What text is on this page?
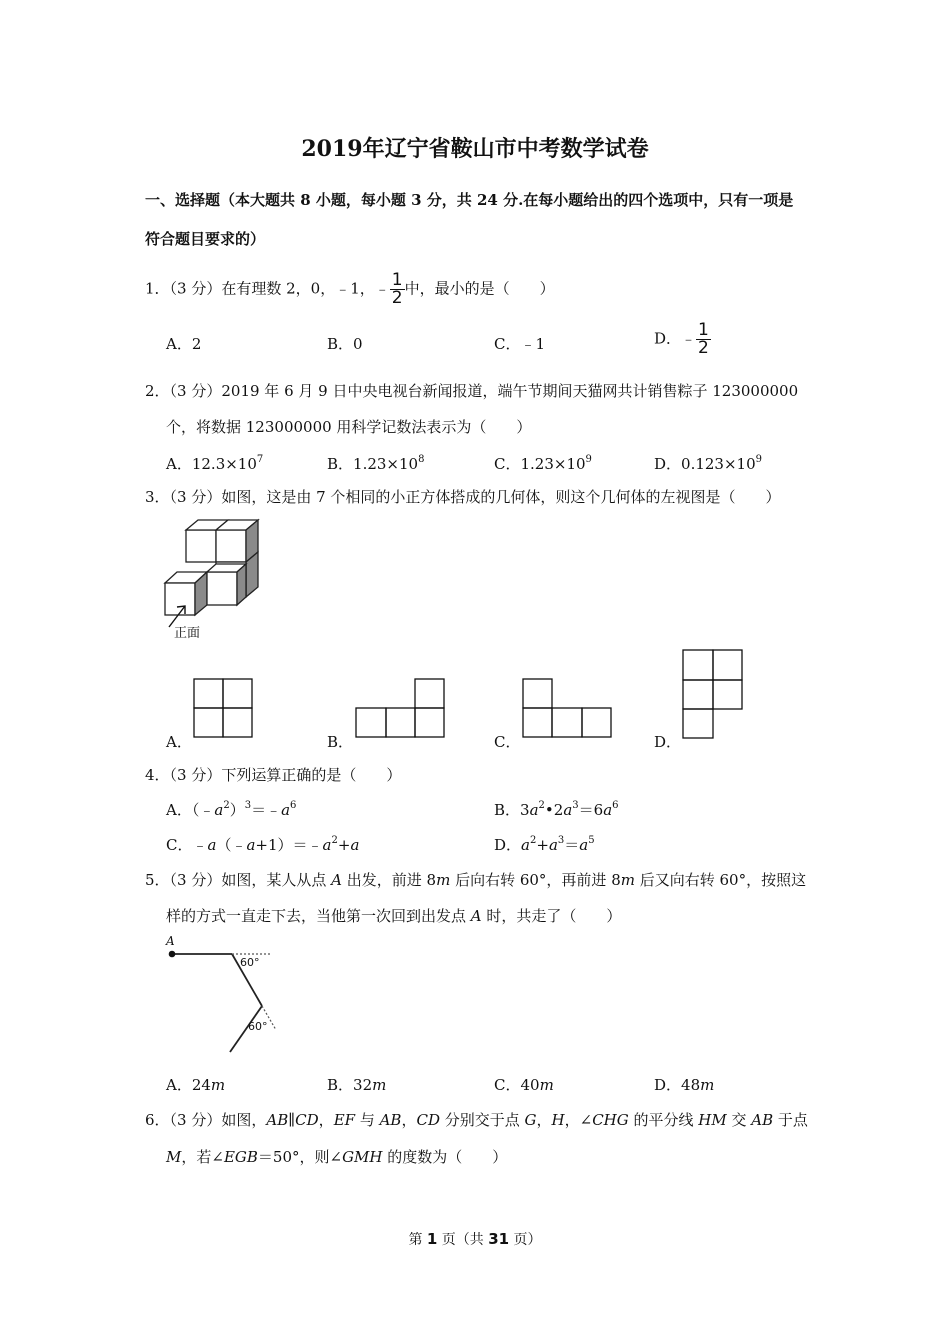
2019年辽宁省鞍山市中考数学试卷
一、选择题（本大题共 8 小题，每小题 3 分，共 24 分.在每小题给出的四个选项中，只有一项是
符合题目要求的）
1．（3 分）在有理数 2，0，﹣1，﹣ $\frac{1}{2}$ 中，最小的是（　　）
A．2	B．0	C．﹣1	D．﹣ $\frac{1}{2}$
2．（3 分）2019 年 6 月 9 日中央电视台新闻报道，端午节期间天猫网共计销售粽子 123000000
个，将数据 123000000 用科学记数法表示为（　　）
A．$12.3\times 10^7$	B．$1.23\times 10^8$	C．$1.23\times 10^9$	D．$0.123\times 10^9$
3．（3 分）如图，这是由 7 个相同的小正方体搭成的几何体，则这个几何体的左视图是（　　）
正面
A．	B．	C．	D．
4．（3 分）下列运算正确的是（　　）
A．$(﹣a^2)^3=﹣a^6$	B．$3a^2•2a^3=6a^6$
C．$﹣a(﹣a+1)=﹣a^2+a$	D．$a^2+a^3=a^5$
5．（3 分）如图，某人从点 A 出发，前进 8m 后向右转 60°，再前进 8m 后又向右转 60°，按照这
样的方式一直走下去，当他第一次回到出发点 A 时，共走了（　　）
A
60°
60°
A．24m	B．32m	C．40m	D．48m
6．（3 分）如图，AB∥CD，EF 与 AB，CD 分别交于点 G，H，∠CHG 的平分线 HM 交 AB 于点
M，若∠EGB＝50°，则∠GMH 的度数为（　　）
第 1 页（共 31 页）
